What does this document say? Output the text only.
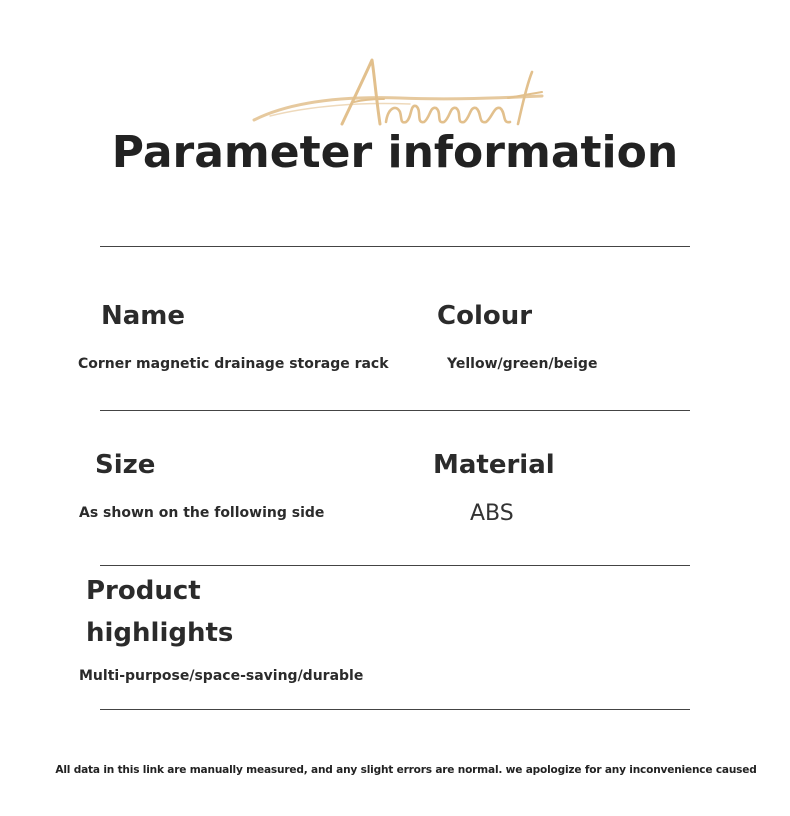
Parameter information
Name
Corner magnetic drainage storage rack
Colour
Yellow/green/beige
Size
As shown on the following side
Material
ABS
Product
highlights
Multi-purpose/space-saving/durable
All data in this link are manually measured, and any slight errors are normal. we apologize for any inconvenience caused
